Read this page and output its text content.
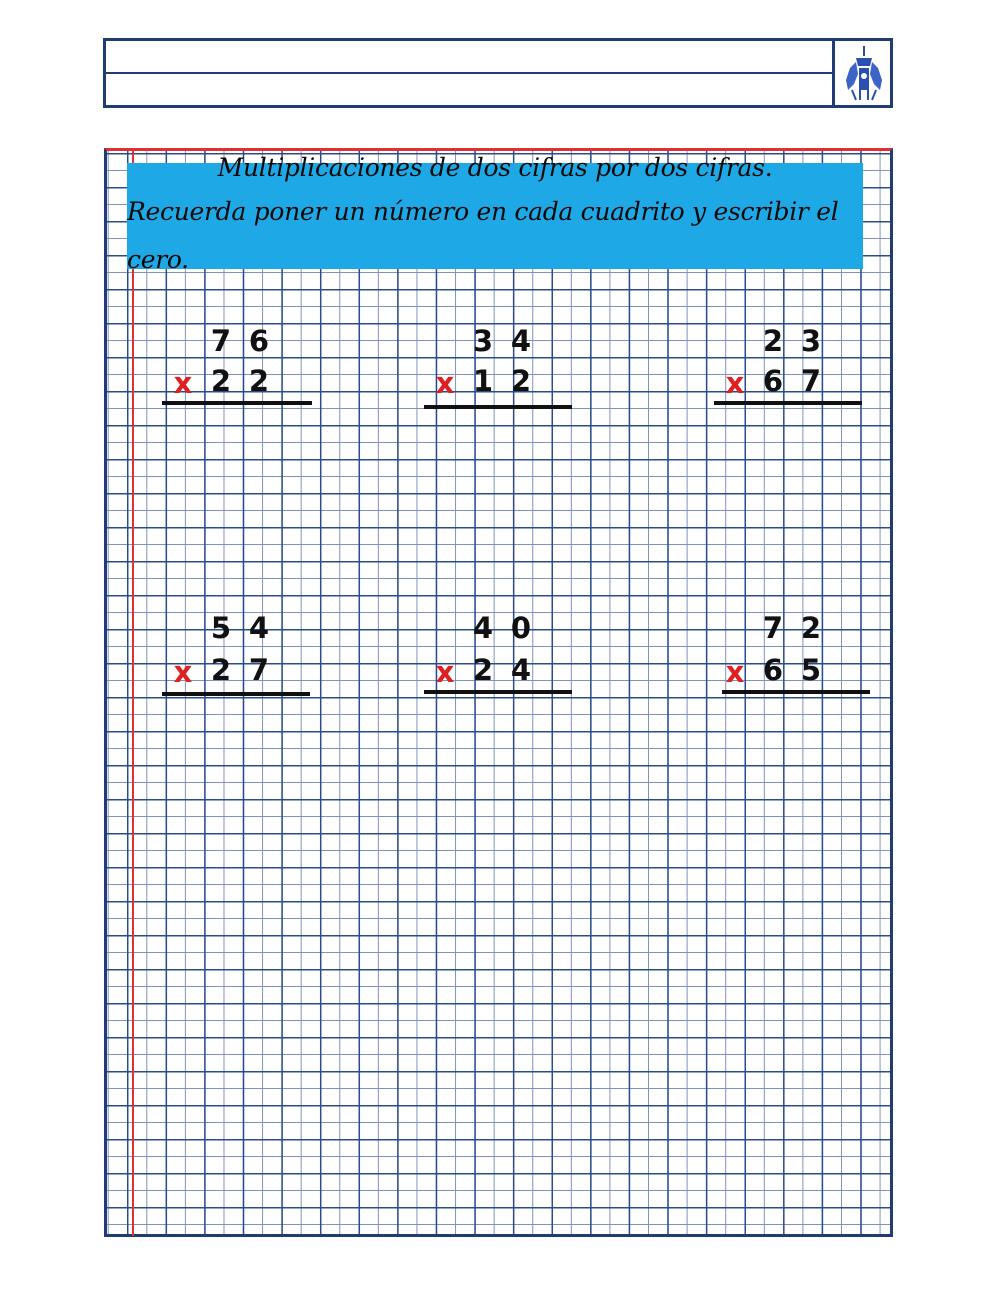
Multiplicaciones de dos cifras por dos cifras.
Recuerda poner un número en cada cuadrito y escribir el cero.
7 6
x 2 2
3 4
x 1 2
2 3
x 6 7
5 4
x 2 7
4 0
x 2 4
7 2
x 6 5
